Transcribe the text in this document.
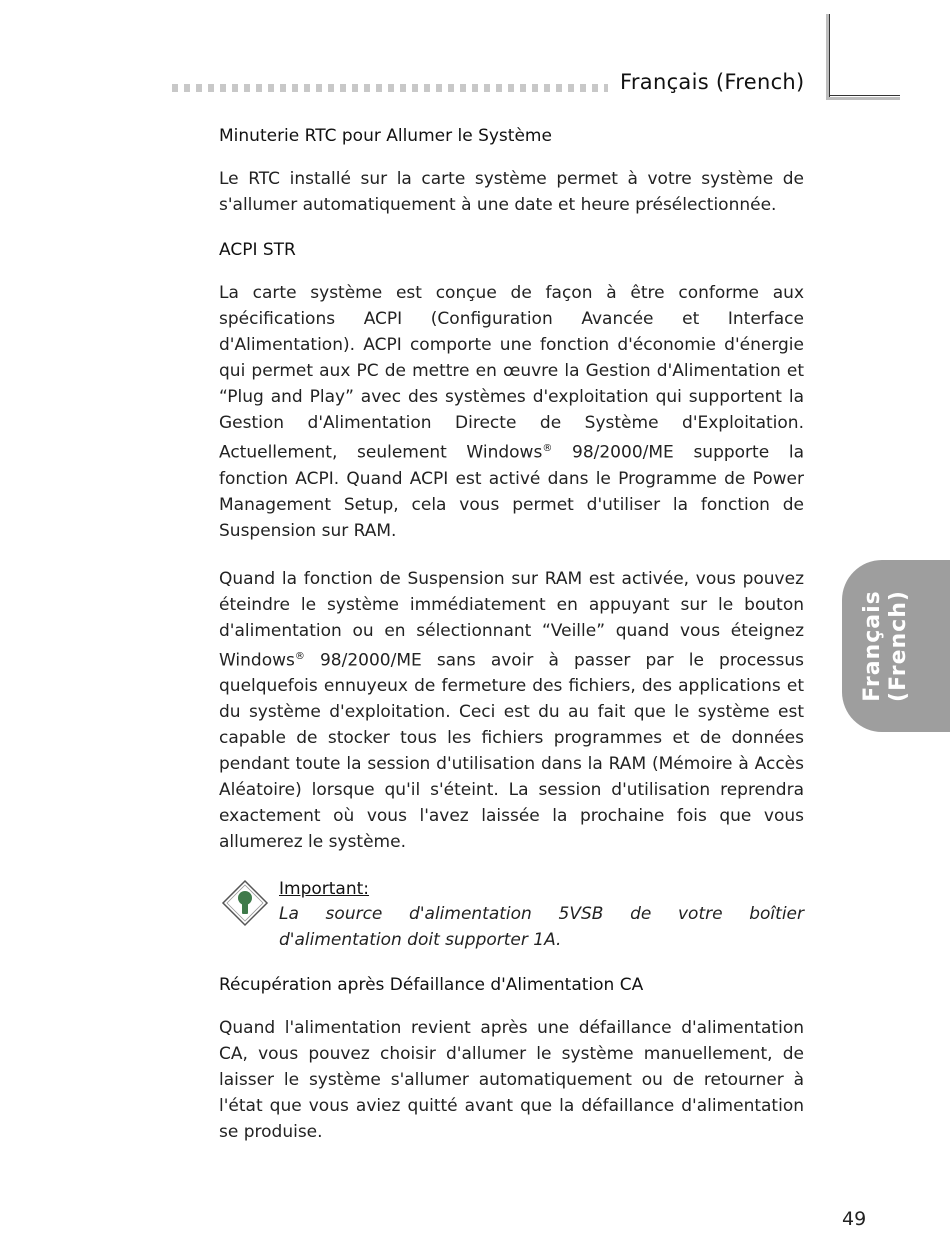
Français (French)
Minuterie RTC pour Allumer le Système

Le RTC installé sur la carte système permet à votre système de s'allumer automatiquement à une date et heure présélectionnée.

ACPI STR

La carte système est conçue de façon à être conforme aux spécifications ACPI (Configuration Avancée et Interface d'Alimentation). ACPI comporte une fonction d'économie d'énergie qui permet aux PC de mettre en œuvre la Gestion d'Alimentation et “Plug and Play” avec des systèmes d'exploitation qui supportent la Gestion d'Alimentation Directe de Système d'Exploitation. Actuellement, seulement Windows® 98/2000/ME supporte la fonction ACPI. Quand ACPI est activé dans le Programme de Power Management Setup, cela vous permet d'utiliser la fonction de Suspension sur RAM.

Quand la fonction de Suspension sur RAM est activée, vous pouvez éteindre le système immédiatement en appuyant sur le bouton d'alimentation ou en sélectionnant “Veille” quand vous éteignez Windows® 98/2000/ME sans avoir à passer par le processus quelquefois ennuyeux de fermeture des fichiers, des applications et du système d'exploitation. Ceci est du au fait que le système est capable de stocker tous les fichiers programmes et de données pendant toute la session d'utilisation dans la RAM (Mémoire à Accès Aléatoire) lorsque qu'il s'éteint. La session d'utilisation reprendra exactement où vous l'avez laissée la prochaine fois que vous allumerez le système.

Important:

La source d'alimentation 5VSB de votre boîtier d'alimentation doit supporter 1A.

Récupération après Défaillance d'Alimentation CA

Quand l'alimentation revient après une défaillance d'alimentation CA, vous pouvez choisir d'allumer le système manuellement, de laisser le système s'allumer automatiquement ou de retourner à l'état que vous aviez quitté avant que la défaillance d'alimentation se produise.

Français
(French)
49
